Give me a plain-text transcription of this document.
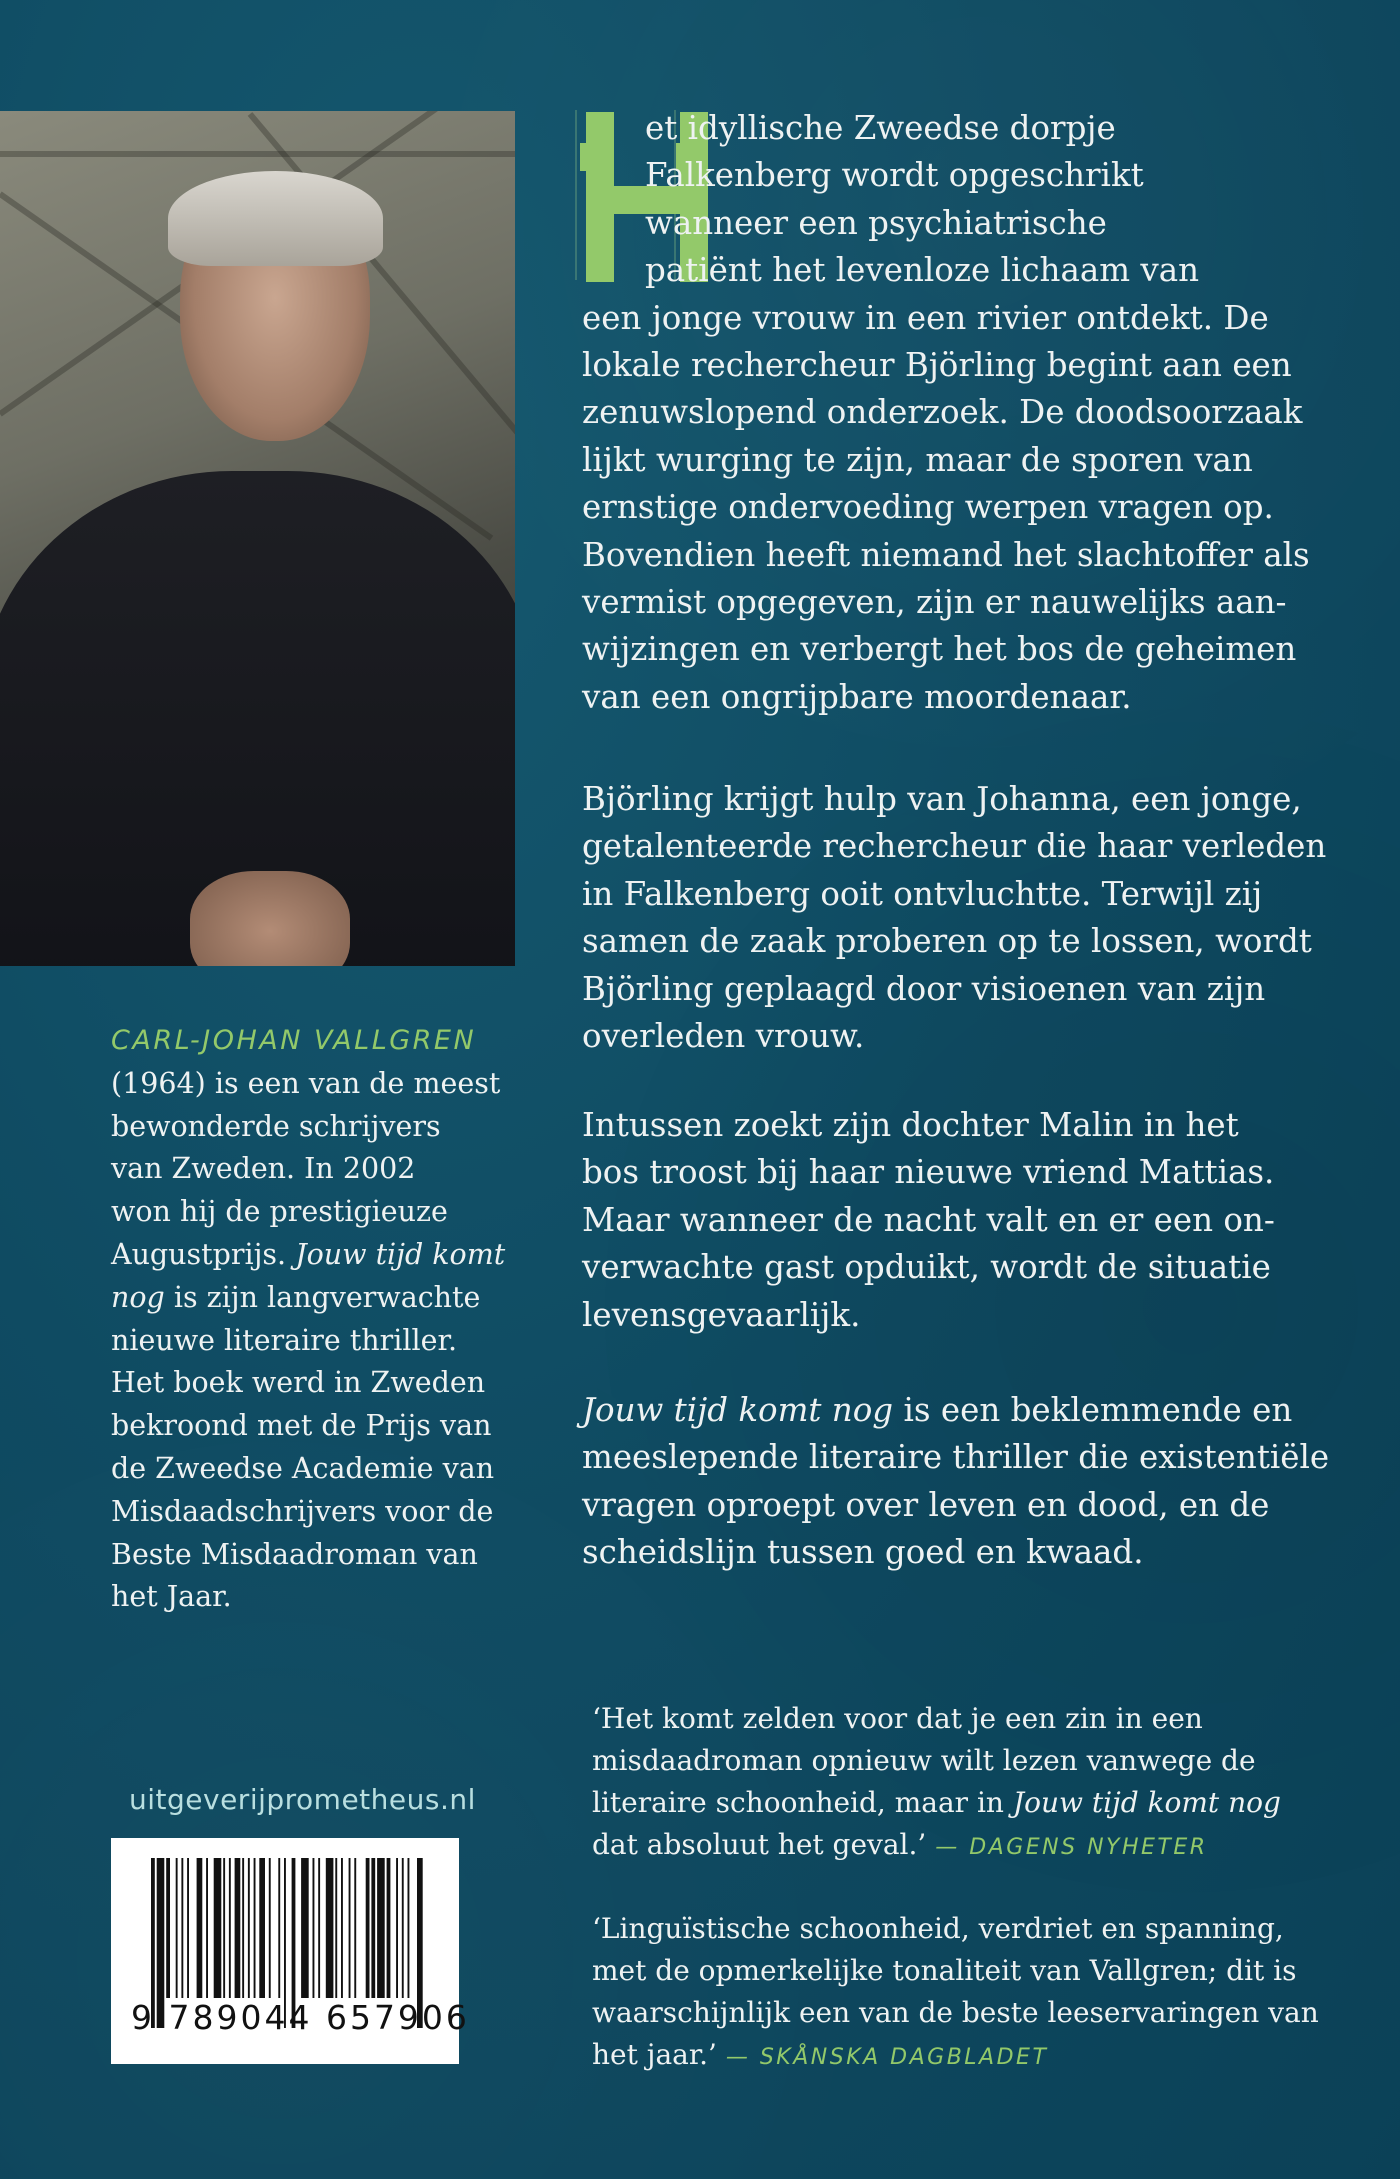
H	et idyllische Zweedse dorpje
Falkenberg wordt opgeschrikt
wanneer een psychiatrische
patiënt het levenloze lichaam van
een jonge vrouw in een rivier ontdekt. De
lokale rechercheur Björling begint aan een
zenuwslopend onderzoek. De doodsoorzaak
lijkt wurging te zijn, maar de sporen van
ernstige ondervoeding werpen vragen op.
Bovendien heeft niemand het slachtoffer als
vermist opgegeven, zijn er nauwelijks aan-
wijzingen en verbergt het bos de geheimen
van een ongrijpbare moordenaar.
Björling krijgt hulp van Johanna, een jonge,
getalenteerde rechercheur die haar verleden
in Falkenberg ooit ontvluchtte. Terwijl zij
samen de zaak proberen op te lossen, wordt
Björling geplaagd door visioenen van zijn
overleden vrouw.
Intussen zoekt zijn dochter Malin in het
bos troost bij haar nieuwe vriend Mattias.
Maar wanneer de nacht valt en er een on-
verwachte gast opduikt, wordt de situatie
levensgevaarlijk.
Jouw tijd komt nog is een beklemmende en
meeslepende literaire thriller die existentiële
vragen oproept over leven en dood, en de
scheidslijn tussen goed en kwaad.
CARL-JOHAN VALLGREN
(1964) is een van de meest
bewonderde schrijvers
van Zweden. In 2002
won hij de prestigieuze
Augustprijs. Jouw tijd komt
nog is zijn langverwachte
nieuwe literaire thriller.
Het boek werd in Zweden
bekroond met de Prijs van
de Zweedse Academie van
Misdaadschrijvers voor de
Beste Misdaadroman van
het Jaar.
‘Het komt zelden voor dat je een zin in een
misdaadroman opnieuw wilt lezen vanwege de
literaire schoonheid, maar in Jouw tijd komt nog
dat absoluut het geval.’ — DAGENS NYHETER
‘Linguïstische schoonheid, verdriet en spanning,
met de opmerkelijke tonaliteit van Vallgren; dit is
waarschijnlijk een van de beste leeservaringen van
het jaar.’ — SKÅNSKA DAGBLADET
uitgeverijprometheus.nl
9 789044 657906
